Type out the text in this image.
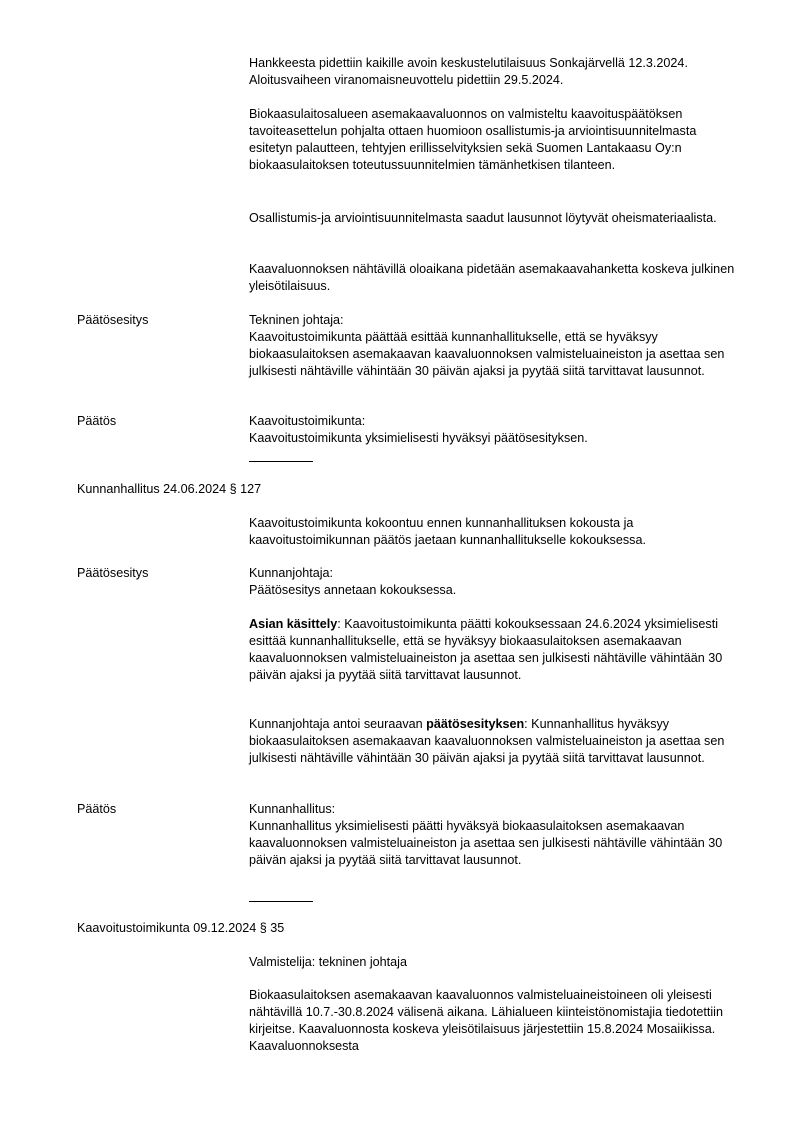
Hankkeesta pidettiin kaikille avoin keskustelutilaisuus Sonkajärvellä 12.3.2024. Aloitusvaiheen viranomaisneuvottelu pidettiin 29.5.2024.

Biokaasulaitosalueen asemakaavaluonnos on valmisteltu kaavoituspäätöksen tavoiteasettelun pohjalta ottaen huomioon osallistumis-ja arviointisuunnitelmasta esitetyn palautteen, tehtyjen erillisselvityksien sekä Suomen Lantakaasu Oy:n biokaasulaitoksen toteutussuunnitelmien tämänhetkisen tilanteen.

Osallistumis-ja arviointisuunnitelmasta saadut lausunnot löytyvät oheismateriaalista.

Kaavaluonnoksen nähtävillä oloaikana pidetään asemakaavahanketta koskeva julkinen yleisötilaisuus.

Päätösesitys	Tekninen johtaja:

Kaavoitustoimikunta päättää esittää kunnanhallitukselle, että se hyväksyy biokaasulaitoksen asemakaavan kaavaluonnoksen valmisteluaineiston ja asettaa sen julkisesti nähtäville vähintään 30 päivän ajaksi ja pyytää siitä tarvittavat lausunnot.

Päätös	Kaavoitustoimikunta:

Kaavoitustoimikunta yksimielisesti hyväksyi päätösesityksen.

Kunnanhallitus 24.06.2024 § 127

Kaavoitustoimikunta kokoontuu ennen kunnanhallituksen kokousta ja kaavoitustoimikunnan päätös jaetaan kunnanhallitukselle kokouksessa.

Päätösesitys	Kunnanjohtaja:

Päätösesitys annetaan kokouksessa.

Asian käsittely: Kaavoitustoimikunta päätti kokouksessaan 24.6.2024 yksimielisesti esittää kunnanhallitukselle, että se hyväksyy biokaasulaitoksen asemakaavan kaavaluonnoksen valmisteluaineiston ja asettaa sen julkisesti nähtäville vähintään 30 päivän ajaksi ja pyytää siitä tarvittavat lausunnot.

Kunnanjohtaja antoi seuraavan päätösesityksen: Kunnanhallitus hyväksyy biokaasulaitoksen asemakaavan kaavaluonnoksen valmisteluaineiston ja asettaa sen julkisesti nähtäville vähintään 30 päivän ajaksi ja pyytää siitä tarvittavat lausunnot.

Päätös	Kunnanhallitus:

Kunnanhallitus yksimielisesti päätti hyväksyä biokaasulaitoksen asemakaavan kaavaluonnoksen valmisteluaineiston ja asettaa sen julkisesti nähtäville vähintään 30 päivän ajaksi ja pyytää siitä tarvittavat lausunnot.

Kaavoitustoimikunta 09.12.2024 § 35

Valmistelija: tekninen johtaja

Biokaasulaitoksen asemakaavan kaavaluonnos valmisteluaineistoineen oli yleisesti nähtävillä 10.7.-30.8.2024 välisenä aikana. Lähialueen kiinteistönomistajia tiedotettiin kirjeitse. Kaavaluonnosta koskeva yleisötilaisuus järjestettiin 15.8.2024 Mosaiikissa. Kaavaluonnoksesta
